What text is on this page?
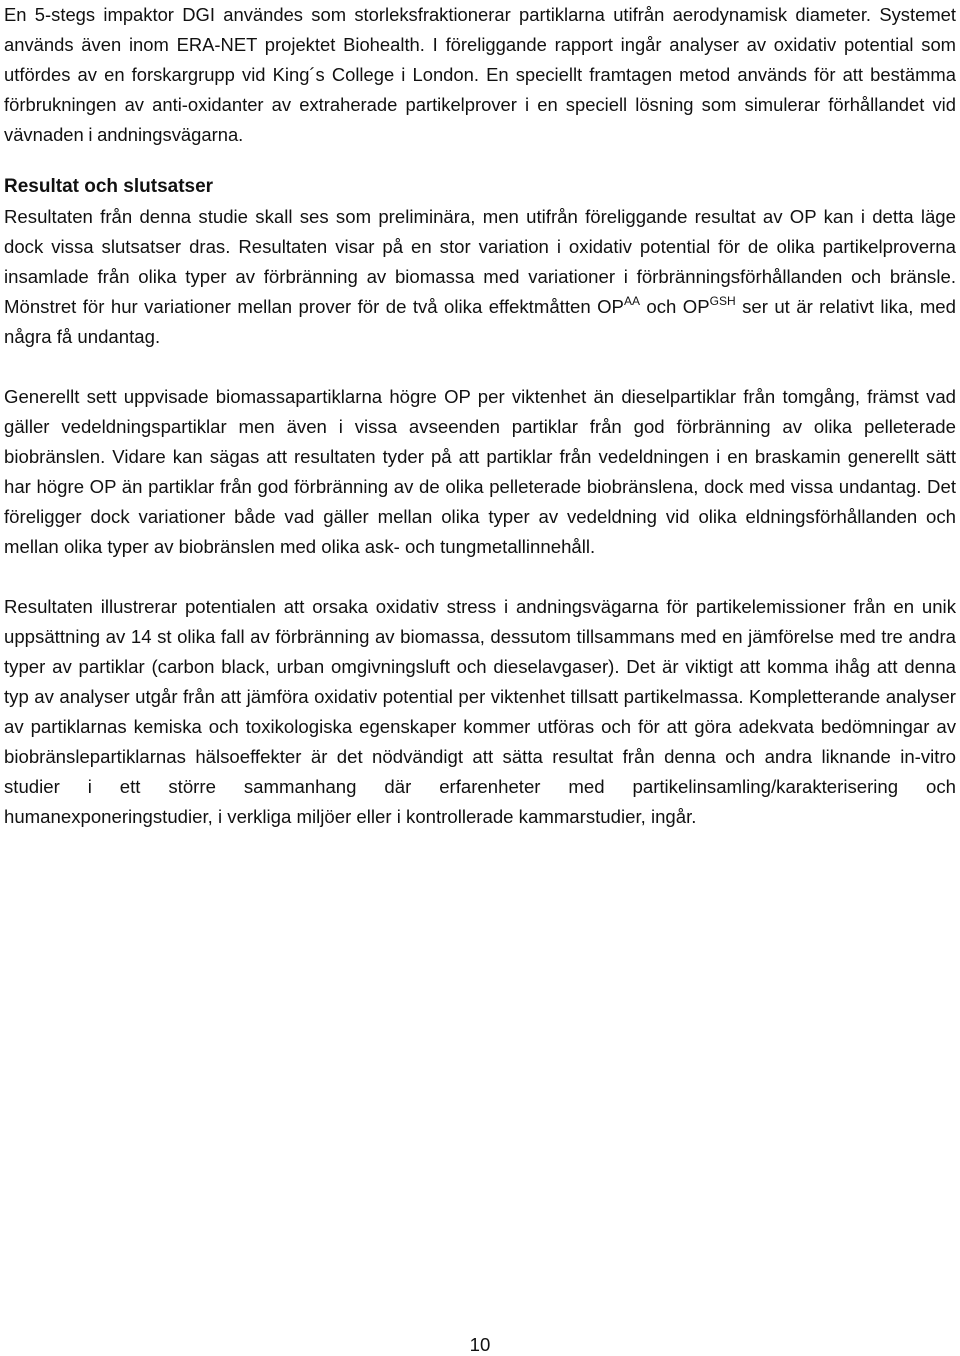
En 5-stegs impaktor DGI användes som storleksfraktionerar partiklarna utifrån aerodynamisk diameter. Systemet används även inom ERA-NET projektet Biohealth. I föreliggande rapport ingår analyser av oxidativ potential som utfördes av en forskargrupp vid King´s College i London. En speciellt framtagen metod används för att bestämma förbrukningen av anti-oxidanter av extraherade partikelprover i en speciell lösning som simulerar förhållandet vid vävnaden i andningsvägarna.

Resultat och slutsatser

Resultaten från denna studie skall ses som preliminära, men utifrån föreliggande resultat av OP kan i detta läge dock vissa slutsatser dras. Resultaten visar på en stor variation i oxidativ potential för de olika partikelproverna insamlade från olika typer av förbränning av biomassa med variationer i förbränningsförhållanden och bränsle. Mönstret för hur variationer mellan prover för de två olika effektmåtten $OP^{AA}$ och $OP^{GSH}$ ser ut är relativt lika, med några få undantag.

Generellt sett uppvisade biomassapartiklarna högre OP per viktenhet än dieselpartiklar från tomgång, främst vad gäller vedeldningspartiklar men även i vissa avseenden partiklar från god förbränning av olika pelleterade biobränslen. Vidare kan sägas att resultaten tyder på att partiklar från vedeldningen i en braskamin generellt sätt har högre OP än partiklar från god förbränning av de olika pelleterade biobränslena, dock med vissa undantag. Det föreligger dock variationer både vad gäller mellan olika typer av vedeldning vid olika eldningsförhållanden och mellan olika typer av biobränslen med olika ask- och tungmetallinnehåll.

Resultaten illustrerar potentialen att orsaka oxidativ stress i andningsvägarna för partikelemissioner från en unik uppsättning av 14 st olika fall av förbränning av biomassa, dessutom tillsammans med en jämförelse med tre andra typer av partiklar (carbon black, urban omgivningsluft och dieselavgaser). Det är viktigt att komma ihåg att denna typ av analyser utgår från att jämföra oxidativ potential per viktenhet tillsatt partikelmassa. Kompletterande analyser av partiklarnas kemiska och toxikologiska egenskaper kommer utföras och för att göra adekvata bedömningar av biobränslepartiklarnas hälsoeffekter är det nödvändigt att sätta resultat från denna och andra liknande in-vitro studier i ett större sammanhang där erfarenheter med partikelinsamling/karakterisering och humanexponeringstudier, i verkliga miljöer eller i kontrollerade kammarstudier, ingår.

10
